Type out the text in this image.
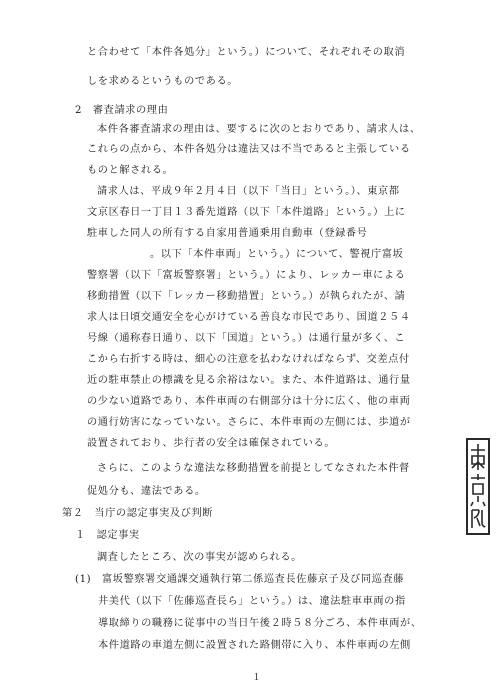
と合わせて「本件各処分」という。）について、それぞれその取消
しを求めるというものである。
2　審査請求の理由
本件各審査請求の理由は、要するに次のとおりであり、請求人は、
これらの点から、本件各処分は違法又は不当であると主張している
ものと解される。
請求人は、平成９年２月４日（以下「当日」という。）、東京都
文京区春日一丁目１３番先道路（以下「本件道路」という。）上に
駐車した同人の所有する自家用普通乗用自動車（登録番号
。以下「本件車両」という。）について、警視庁富坂
警察署（以下「富坂警察署」という。）により、レッカー車による
移動措置（以下「レッカー移動措置」という。）が執られたが、請
求人は日頃交通安全を心がけている善良な市民であり、国道２５４
号線（通称春日通り、以下「国道」という。）は通行量が多く、こ
こから右折する時は、細心の注意を払わなければならず、交差点付
近の駐車禁止の標識を見る余裕はない。また、本件道路は、通行量
の少ない道路であり、本件車両の右側部分は十分に広く、他の車両
の通行妨害になっていない。さらに、本件車両の左側には、歩道が
設置されており、歩行者の安全は確保されている。
さらに、このような違法な移動措置を前提としてなされた本件督
促処分も、違法である。
第２　当庁の認定事実及び判断
１　認定事実
調査したところ、次の事実が認められる。
(1)　富坂警察署交通課交通執行第二係巡査長佐藤京子及び同巡査藤
井美代（以下「佐藤巡査長ら」という。）は、違法駐車車両の指
導取締りの職務に従事中の当日午後２時５８分ごろ、本件車両が、
本件道路の車道左側に設置された路側帯に入り、本件車両の左側
１
